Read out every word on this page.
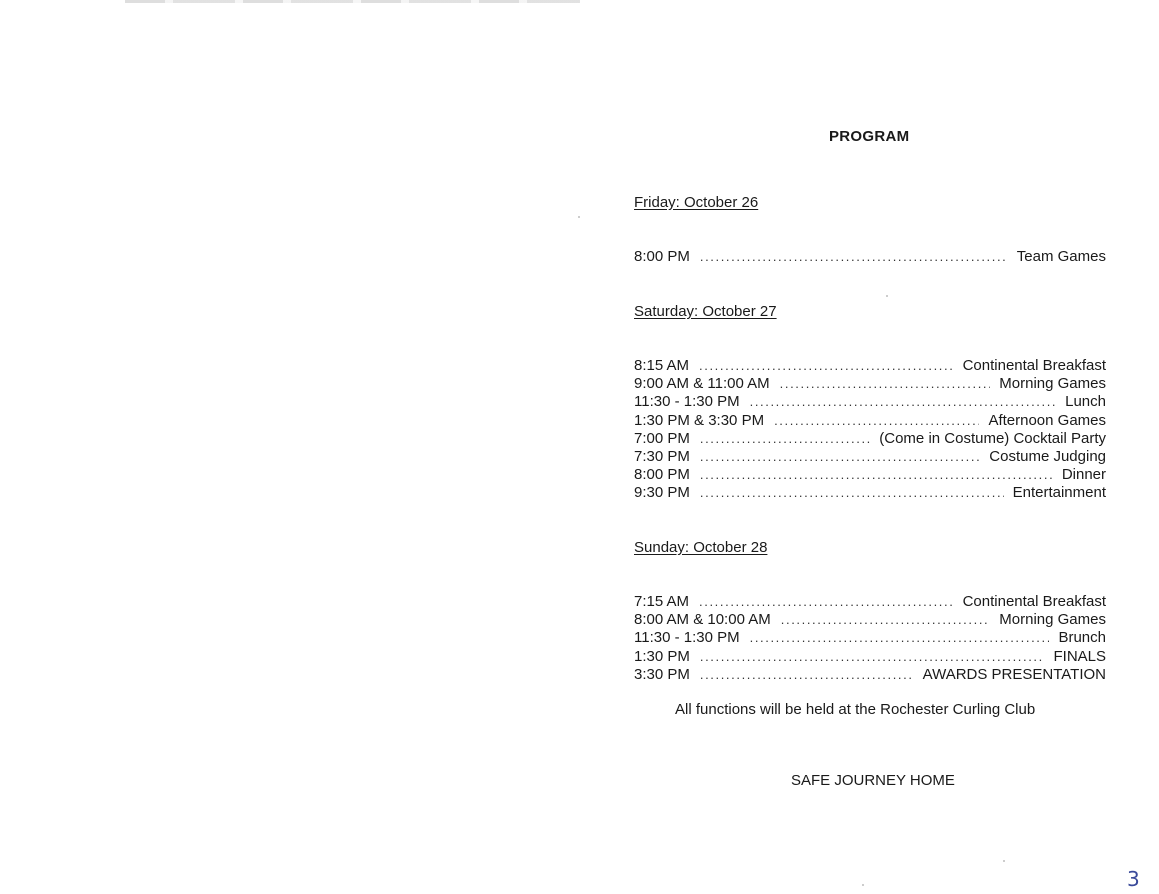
PROGRAM
Friday: October 26
8:00 PM .....	Team Games
Saturday: October 27
8:15 AM .....	Continental Breakfast
9:00 AM & 11:00 AM .....	Morning Games
11:30 - 1:30 PM .....	Lunch
1:30 PM & 3:30 PM .....	Afternoon Games
7:00 PM .....	(Come in Costume) Cocktail Party
7:30 PM .....	Costume Judging
8:00 PM .....	Dinner
9:30 PM .....	Entertainment
Sunday: October 28
7:15 AM .....	Continental Breakfast
8:00 AM & 10:00 AM .....	Morning Games
11:30 - 1:30 PM .....	Brunch
1:30 PM .....	FINALS
3:30 PM .....	AWARDS PRESENTATION
All functions will be held at the Rochester Curling Club
SAFE JOURNEY HOME
3
